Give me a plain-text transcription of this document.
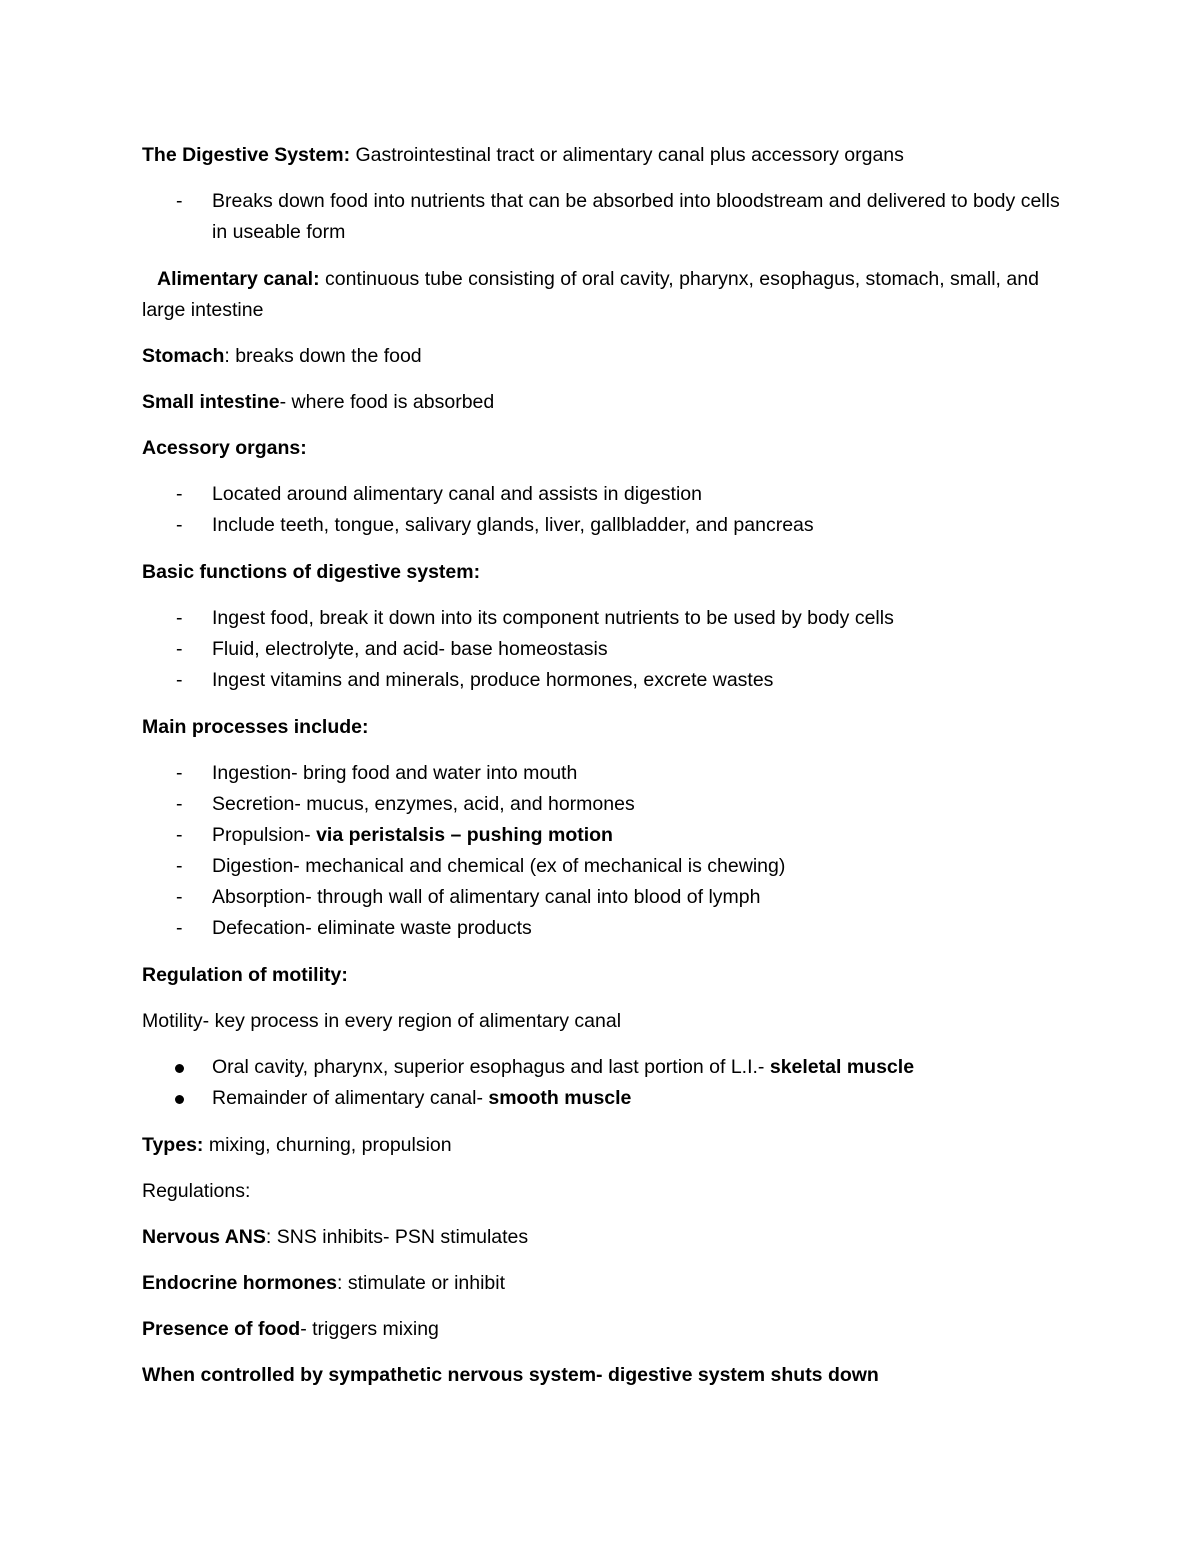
The Digestive System: Gastrointestinal tract or alimentary canal plus accessory organs

- Breaks down food into nutrients that can be absorbed into bloodstream and delivered to body cells in useable form

Alimentary canal: continuous tube consisting of oral cavity, pharynx, esophagus, stomach, small, and large intestine

Stomach: breaks down the food

Small intestine- where food is absorbed

Acessory organs:

- Located around alimentary canal and assists in digestion
- Include teeth, tongue, salivary glands, liver, gallbladder, and pancreas

Basic functions of digestive system:

- Ingest food, break it down into its component nutrients to be used by body cells
- Fluid, electrolyte, and acid- base homeostasis
- Ingest vitamins and minerals, produce hormones, excrete wastes

Main processes include:

- Ingestion- bring food and water into mouth
- Secretion- mucus, enzymes, acid, and hormones
- Propulsion- via peristalsis – pushing motion
- Digestion- mechanical and chemical (ex of mechanical is chewing)
- Absorption- through wall of alimentary canal into blood of lymph
- Defecation- eliminate waste products

Regulation of motility:

Motility- key process in every region of alimentary canal

Oral cavity, pharynx, superior esophagus and last portion of L.I.- skeletal muscle
Remainder of alimentary canal- smooth muscle

Types: mixing, churning, propulsion

Regulations:

Nervous ANS: SNS inhibits- PSN stimulates

Endocrine hormones: stimulate or inhibit

Presence of food- triggers mixing

When controlled by sympathetic nervous system- digestive system shuts down
